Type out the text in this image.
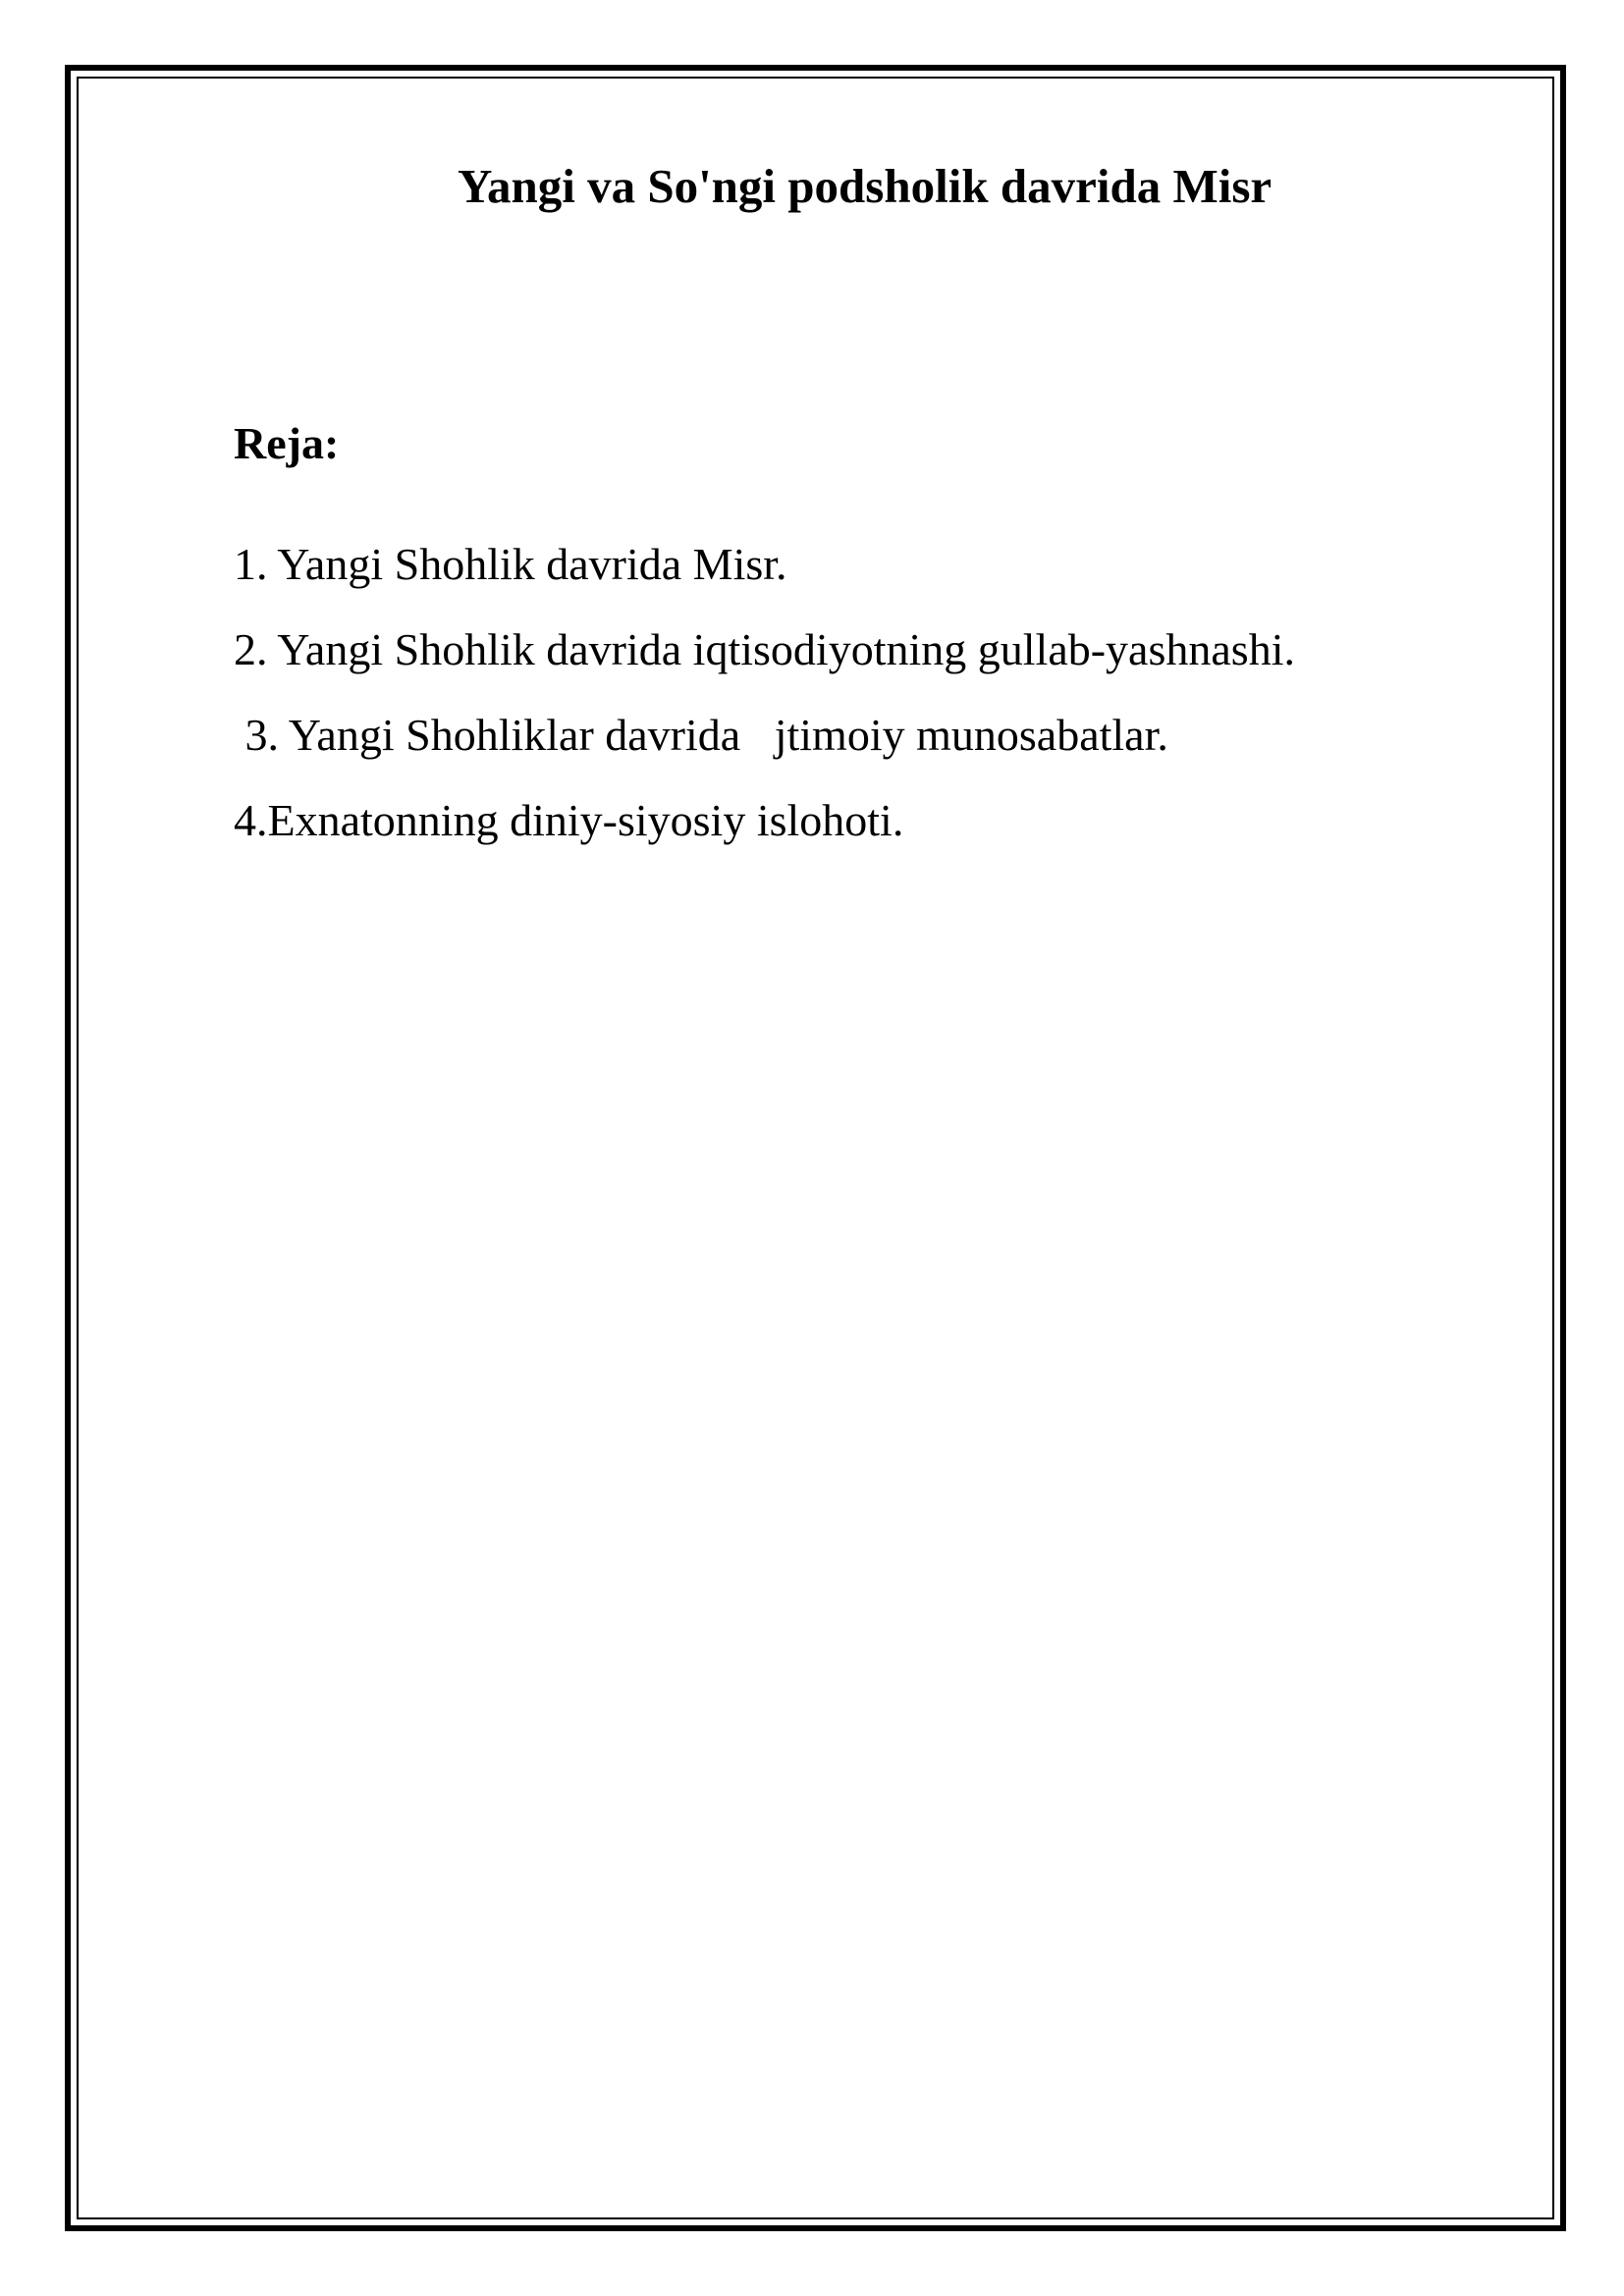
Yangi va So'ngi podsholik davrida Misr
Reja:
1. Yangi Shohlik davrida Misr.
2. Yangi Shohlik davrida iqtisodiyotning gullab-yashnashi.
3. Yangi Shohliklar davrida   jtimoiy munosabatlar.
4.Exnatonning diniy-siyosiy islohoti.
